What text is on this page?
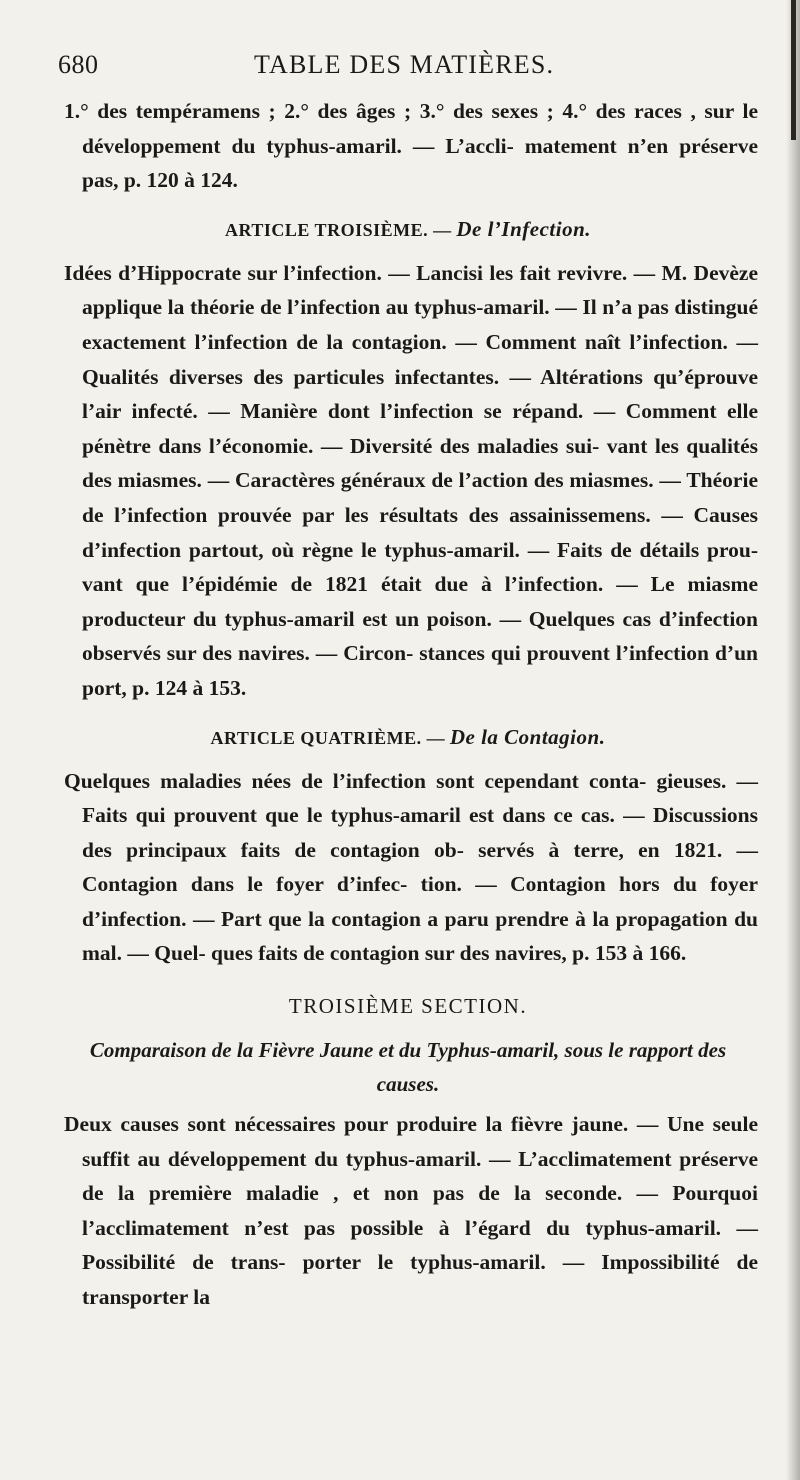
680	TABLE DES MATIÈRES.

1.° des tempéramens ; 2.° des âges ; 3.° des sexes ; 4.° des races , sur le développement du typhus-amaril. — L’accli- matement n’en préserve pas, p. 120 à 124.

ARTICLE TROISIÈME. — De l’Infection.

Idées d’Hippocrate sur l’infection. — Lancisi les fait revivre. — M. Devèze applique la théorie de l’infection au typhus-amaril. — Il n’a pas distingué exactement l’infection de la contagion. — Comment naît l’infection. — Qualités diverses des particules infectantes. — Altérations qu’éprouve l’air infecté. — Manière dont l’infection se répand. — Comment elle pénètre dans l’économie. — Diversité des maladies sui- vant les qualités des miasmes. — Caractères généraux de l’action des miasmes. — Théorie de l’infection prouvée par les résultats des assainissemens. — Causes d’infection partout, où règne le typhus-amaril. — Faits de détails prou- vant que l’épidémie de 1821 était due à l’infection. — Le miasme producteur du typhus-amaril est un poison. — Quelques cas d’infection observés sur des navires. — Circon- stances qui prouvent l’infection d’un port, p. 124 à 153.

ARTICLE QUATRIÈME. — De la Contagion.

Quelques maladies nées de l’infection sont cependant conta- gieuses. — Faits qui prouvent que le typhus-amaril est dans ce cas. — Discussions des principaux faits de contagion ob- servés à terre, en 1821. — Contagion dans le foyer d’infec- tion. — Contagion hors du foyer d’infection. — Part que la contagion a paru prendre à la propagation du mal. — Quel- ques faits de contagion sur des navires, p. 153 à 166.

TROISIÈME SECTION.

Comparaison de la Fièvre Jaune et du Typhus-amaril, sous le rapport des causes.

Deux causes sont nécessaires pour produire la fièvre jaune. — Une seule suffit au développement du typhus-amaril. — L’acclimatement préserve de la première maladie , et non pas de la seconde. — Pourquoi l’acclimatement n’est pas possible à l’égard du typhus-amaril. — Possibilité de trans- porter le typhus-amaril. — Impossibilité de transporter la
